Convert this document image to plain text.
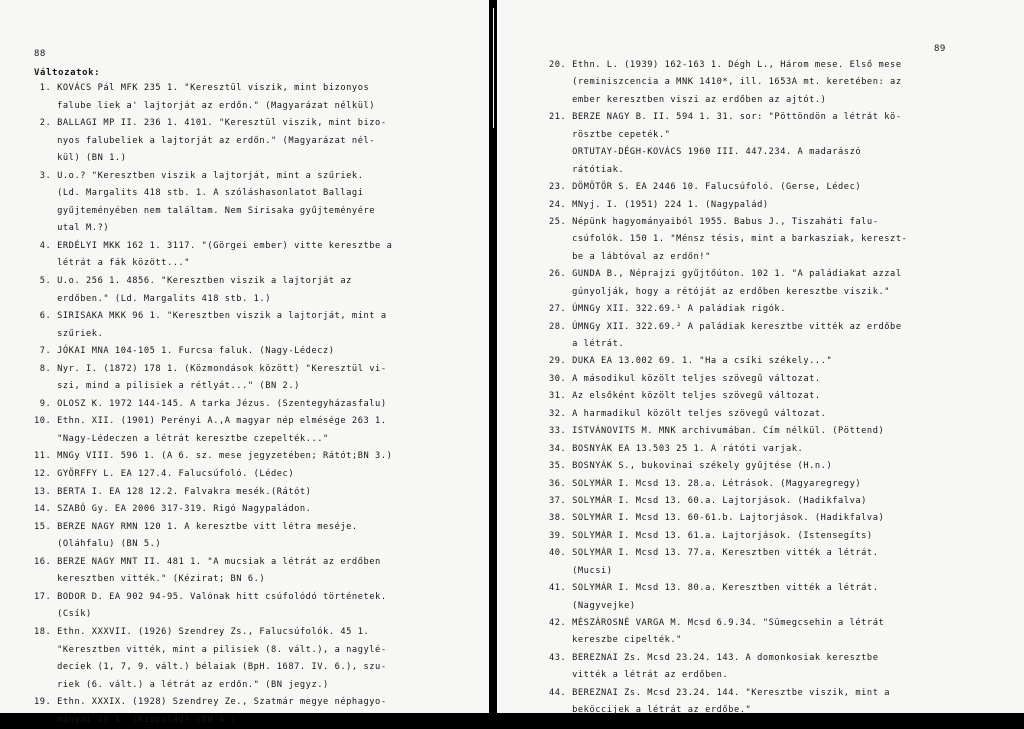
88
Változatok:
1. KOVÁCS Pál MFK 235 1. "Keresztül viszik, mint bizonyos
falube liek a' lajtorját az erdőn." (Magyarázat nélkül)
2. BALLAGI MP II. 236 1. 4101. "Keresztül viszik, mint bizo-
nyos falubeliek a lajtorját az erdőn." (Magyarázat nél-
kül) (BN 1.)
3. U.o.? "Keresztben viszik a lajtorját, mint a szűriek.
(Ld. Margalits 418 stb. 1. A szóláshasonlatot Ballagi
gyűjteményében nem találtam. Nem Sirisaka gyűjteményére
utal M.?)
4. ERDÉLYI MKK 162 1. 3117. "(Görgei ember) vitte keresztbe a
létrát a fák között..."
5. U.o. 256 1. 4856. "Keresztben viszik a lajtorját az
erdőben." (Ld. Margalits 418 stb. 1.)
6. SIRISAKA MKK 96 1. "Keresztben viszik a lajtorját, mint a
szűriek.
7. JÓKAI MNA 104-105 1. Furcsa faluk. (Nagy-Lédecz)
8. Nyr. I. (1872) 178 1. (Közmondások között) "Keresztül vi-
szi, mind a pilisiek a rétlyát..." (BN 2.)
9. OLOSZ K. 1972 144-145. A tarka Jézus. (Szentegyházasfalu)
10. Ethn. XII. (1901) Perényi A.,A magyar nép elmésége 263 1.
"Nagy-Lédeczen a létrát keresztbe czepelték..."
11. MNGy VIII. 596 1. (A 6. sz. mese jegyzetében; Rátót;BN 3.)
12. GYÖRFFY L. EA 127.4. Falucsúfoló. (Lédec)
13. BERTA I. EA 128 12.2. Falvakra mesék.(Rátót)
14. SZABÓ Gy. EA 2006 317-319. Rigó Nagypaládon.
15. BERZE NAGY RMN 120 1. A keresztbe vitt létra meséje.
(Oláhfalu) (BN 5.)
16. BERZE NAGY MNT II. 481 1. "A mucsiak a létrát az erdőben
keresztben vitték." (Kézirat; BN 6.)
17. BODOR D. EA 902 94-95. Valónak hitt csúfolódó történetek.
(Csík)
18. Ethn. XXXVII. (1926) Szendrey Zs., Falucsúfolók. 45 1.
"Keresztben vitték, mint a pilisiek (8. vált.), a nagylé-
deciek (1, 7, 9. vált.) bélaiak (BpH. 1687. IV. 6.), szu-
riek (6. vált.) a létrát az erdőn." (BN jegyz.)
19. Ethn. XXXIX. (1928) Szendrey Ze., Szatmár megye néphagyo-
mányai 29 1. (Kispalád) (BN 4.)
89
20. Ethn. L. (1939) 162-163 1. Dégh L., Három mese. Első mese
(reminiszcencia a MNK 1410*, ill. 1653A mt. keretében: az
ember keresztben viszi az erdőben az ajtót.)
21. BERZE NAGY B. II. 594 1. 31. sor: "Pöttöndön a létrát kö-
rösztbe cepeték."
ORTUTAY-DÉGH-KOVÁCS 1960 III. 447.234. A madarászó
rátótiak.
23. DÖMÖTÖR S. EA 2446 10. Falucsúfoló. (Gerse, Lédec)
24. MNyj. I. (1951) 224 1. (Nagypalád)
25. Népünk hagyományaiból 1955. Babus J., Tiszaháti falu-
csúfolók. 150 1. "Ménsz tésis, mint a barkasziak, kereszt-
be a lábtóval az erdőn!"
26. GUNDA B., Néprajzi gyűjtőúton. 102 1. "A paládiakat azzal
gúnyolják, hogy a rétóját az erdőben keresztbe viszik."
27. ÚMNGy XII. 322.69.¹ A paládiak rigók.
28. ÚMNGy XII. 322.69.² A paládiak keresztbe vitték az erdőbe
a létrát.
29. DUKA EA 13.002 69. 1. "Ha a csíki székely..."
30. A másodikul közölt teljes szövegű változat.
31. Az elsőként közölt teljes szövegű változat.
32. A harmadikul közölt teljes szövegű változat.
33. ISTVÁNOVITS M. MNK archivumában. Cím nélkül. (Pöttend)
34. BOSNYÁK EA 13.503 25 1. A rátóti varjak.
35. BOSNYÁK S., bukovinai székely gyűjtése (H.n.)
36. SOLYMÁR I. Mcsd 13. 28.a. Létrások. (Magyaregregy)
37. SOLYMÁR I. Mcsd 13. 60.a. Lajtorjások. (Hadikfalva)
38. SOLYMÁR I. Mcsd 13. 60-61.b. Lajtorjások. (Hadikfalva)
39. SOLYMÁR I. Mcsd 13. 61.a. Lajtorjások. (Istensegíts)
40. SOLYMÁR I. Mcsd 13. 77.a. Keresztben vitték a létrát.
(Mucsi)
41. SOLYMÁR I. Mcsd 13. 80.a. Keresztben vitték a létrát.
(Nagyvejke)
42. MÉSZÁROSNÉ VARGA M. Mcsd 6.9.34. "Sümegcsehin a létrát
kereszbe cipelték."
43. BEREZNAI Zs. Mcsd 23.24. 143. A domonkosiak keresztbe
vitték a létrát az erdőben.
44. BEREZNAI Zs. Mcsd 23.24. 144. "Keresztbe viszik, mint a
beköccijek a létrát az erdőbe."
